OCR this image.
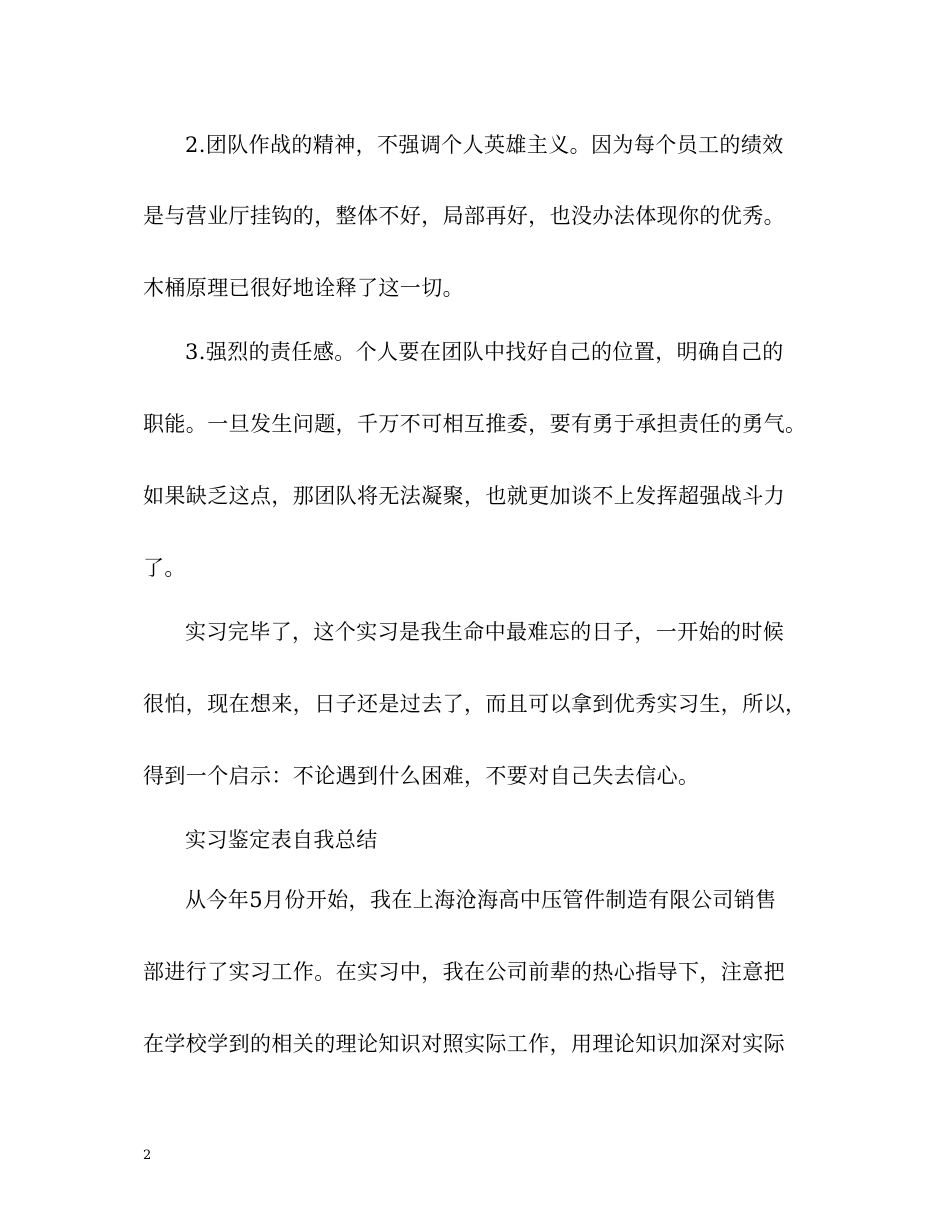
2.团队作战的精神，不强调个人英雄主义。因为每个员工的绩效
是与营业厅挂钩的，整体不好，局部再好，也没办法体现你的优秀。
木桶原理已很好地诠释了这一切。
3.强烈的责任感。个人要在团队中找好自己的位置，明确自己的
职能。一旦发生问题，千万不可相互推委，要有勇于承担责任的勇气。
如果缺乏这点，那团队将无法凝聚，也就更加谈不上发挥超强战斗力
了。
实习完毕了，这个实习是我生命中最难忘的日子，一开始的时候
很怕，现在想来，日子还是过去了，而且可以拿到优秀实习生，所以，
得到一个启示：不论遇到什么困难，不要对自己失去信心。
实习鉴定表自我总结
从今年5月份开始，我在上海沧海高中压管件制造有限公司销售
部进行了实习工作。在实习中，我在公司前辈的热心指导下，注意把
在学校学到的相关的理论知识对照实际工作，用理论知识加深对实际
2
